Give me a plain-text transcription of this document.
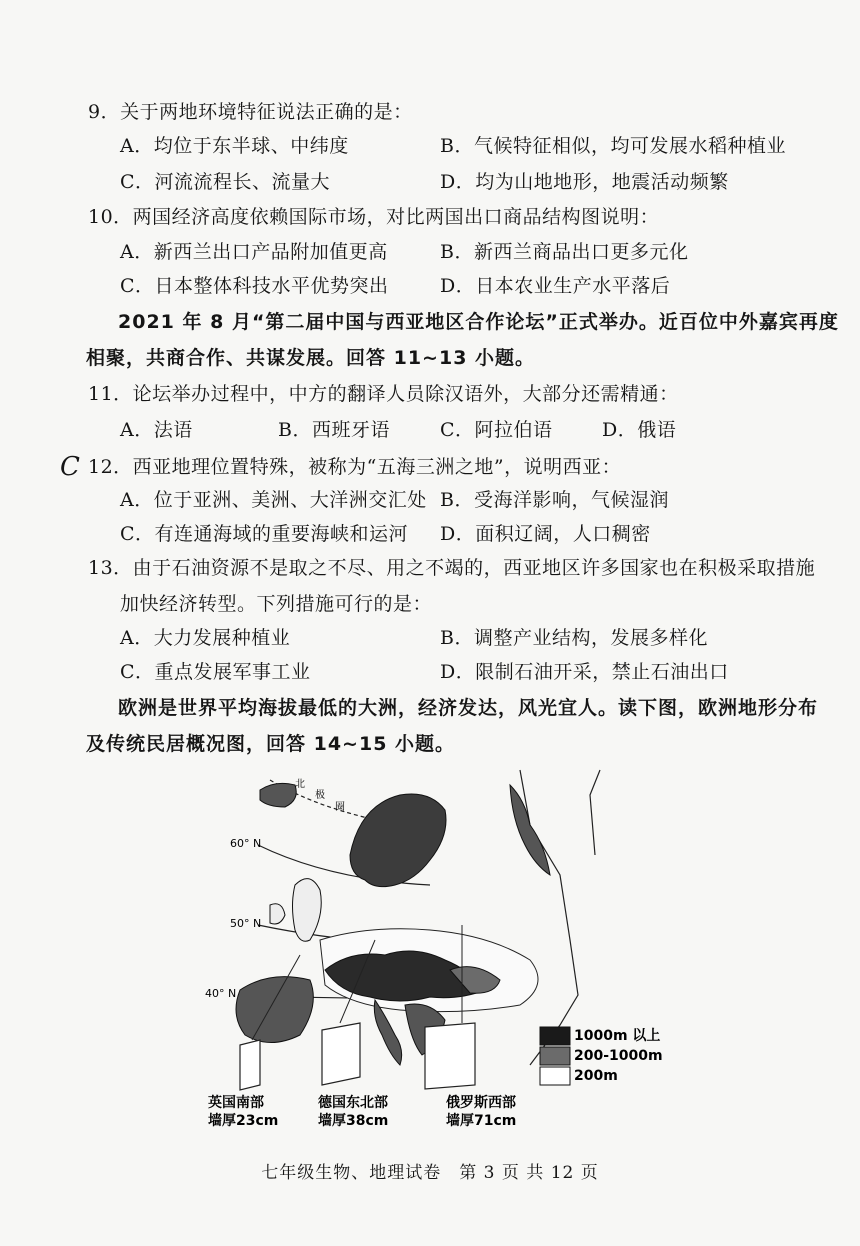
9．关于两地环境特征说法正确的是：
A．均位于东半球、中纬度	B．气候特征相似，均可发展水稻种植业
C．河流流程长、流量大	D．均为山地地形，地震活动频繁
10．两国经济高度依赖国际市场，对比两国出口商品结构图说明：
A．新西兰出口产品附加值更高	B．新西兰商品出口更多元化
C．日本整体科技水平优势突出	D．日本农业生产水平落后
2021 年 8 月“第二届中国与西亚地区合作论坛”正式举办。近百位中外嘉宾再度
相聚，共商合作、共谋发展。回答 11~13 小题。
11．论坛举办过程中，中方的翻译人员除汉语外，大部分还需精通：
A．法语	B．西班牙语	C．阿拉伯语	D．俄语
C 12．西亚地理位置特殊，被称为“五海三洲之地”，说明西亚：
A．位于亚洲、美洲、大洋洲交汇处 B．受海洋影响，气候湿润
C．有连通海域的重要海峡和运河 D．面积辽阔，人口稠密
13．由于石油资源不是取之不尽、用之不竭的，西亚地区许多国家也在积极采取措施
加快经济转型。下列措施可行的是：
A．大力发展种植业	B．调整产业结构，发展多样化
C．重点发展军事工业	D．限制石油开采，禁止石油出口
欧洲是世界平均海拔最低的大洲，经济发达，风光宜人。读下图，欧洲地形分布
及传统民居概况图，回答 14~15 小题。
1000m 以上
200-1000m
200m
60° N
50° N
40° N
北
极
圈
英国南部
墙厚23cm
德国东北部
墙厚38cm
俄罗斯西部
墙厚71cm
七年级生物、地理试卷　第 3 页 共 12 页
